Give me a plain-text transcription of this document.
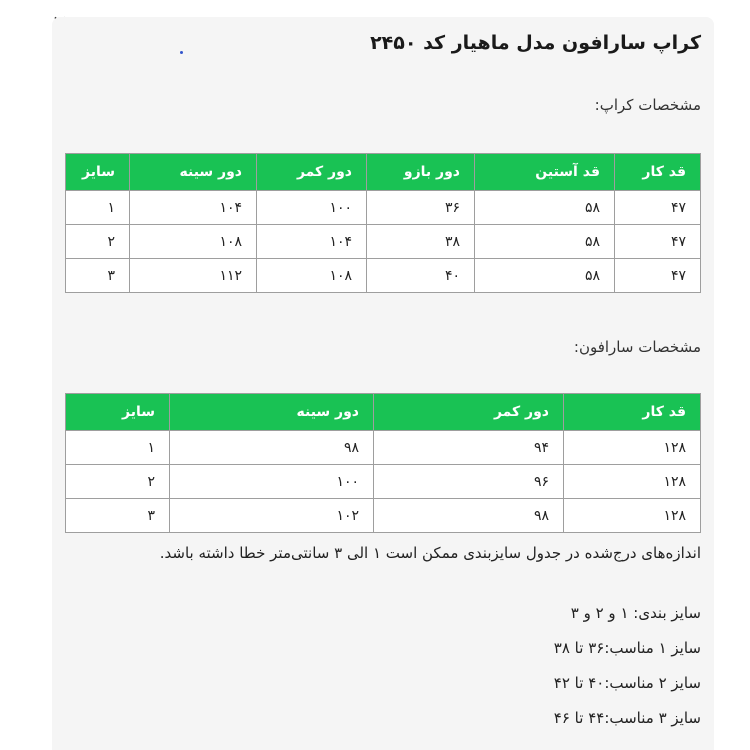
کراپ سارافون مدل ماهیار کد ۲۴۵۰

مشخصات کراپ:

قد کار	قد آستین	دور بازو	دور کمر	دور سینه	سایز
۴۷	۵۸	۳۶	۱۰۰	۱۰۴	۱
۴۷	۵۸	۳۸	۱۰۴	۱۰۸	۲
۴۷	۵۸	۴۰	۱۰۸	۱۱۲	۳

مشخصات سارافون:

قد کار	دور کمر	دور سینه	سایز
۱۲۸	۹۴	۹۸	۱
۱۲۸	۹۶	۱۰۰	۲
۱۲۸	۹۸	۱۰۲	۳

اندازه‌های درج‌شده در جدول سایزبندی ممکن است ۱ الی ۳ سانتی‌متر خطا داشته باشد.

سایز بندی: ۱ و ۲ و ۳

سایز ۱ مناسب:۳۶ تا ۳۸

سایز ۲ مناسب:۴۰ تا ۴۲

سایز ۳ مناسب:۴۴ تا ۴۶
